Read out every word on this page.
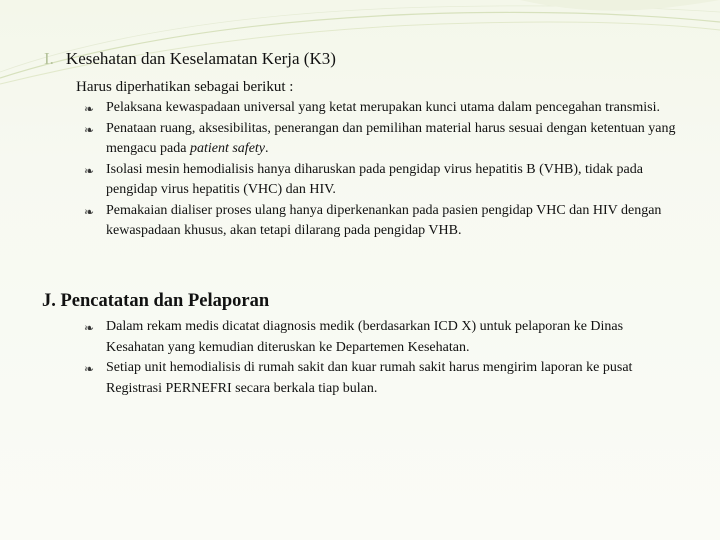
I. Kesehatan dan Keselamatan Kerja (K3)
Harus diperhatikan sebagai berikut :
❧ Pelaksana kewaspadaan universal yang ketat merupakan kunci utama dalam pencegahan transmisi.
❧ Penataan ruang, aksesibilitas, penerangan dan pemilihan material harus sesuai dengan ketentuan yang mengacu pada patient safety.
❧ Isolasi mesin hemodialisis hanya diharuskan pada pengidap virus hepatitis B (VHB), tidak pada pengidap virus hepatitis (VHC) dan HIV.
❧ Pemakaian dialiser proses ulang hanya diperkenankan pada pasien pengidap VHC dan HIV dengan kewaspadaan khusus, akan tetapi dilarang pada pengidap VHB.
J. Pencatatan dan Pelaporan
❧ Dalam rekam medis dicatat diagnosis medik (berdasarkan ICD X) untuk pelaporan ke Dinas Kesahatan yang kemudian diteruskan ke Departemen Kesehatan.
❧ Setiap unit hemodialisis di rumah sakit dan kuar rumah sakit harus mengirim laporan ke pusat Registrasi PERNEFRI secara berkala tiap bulan.
